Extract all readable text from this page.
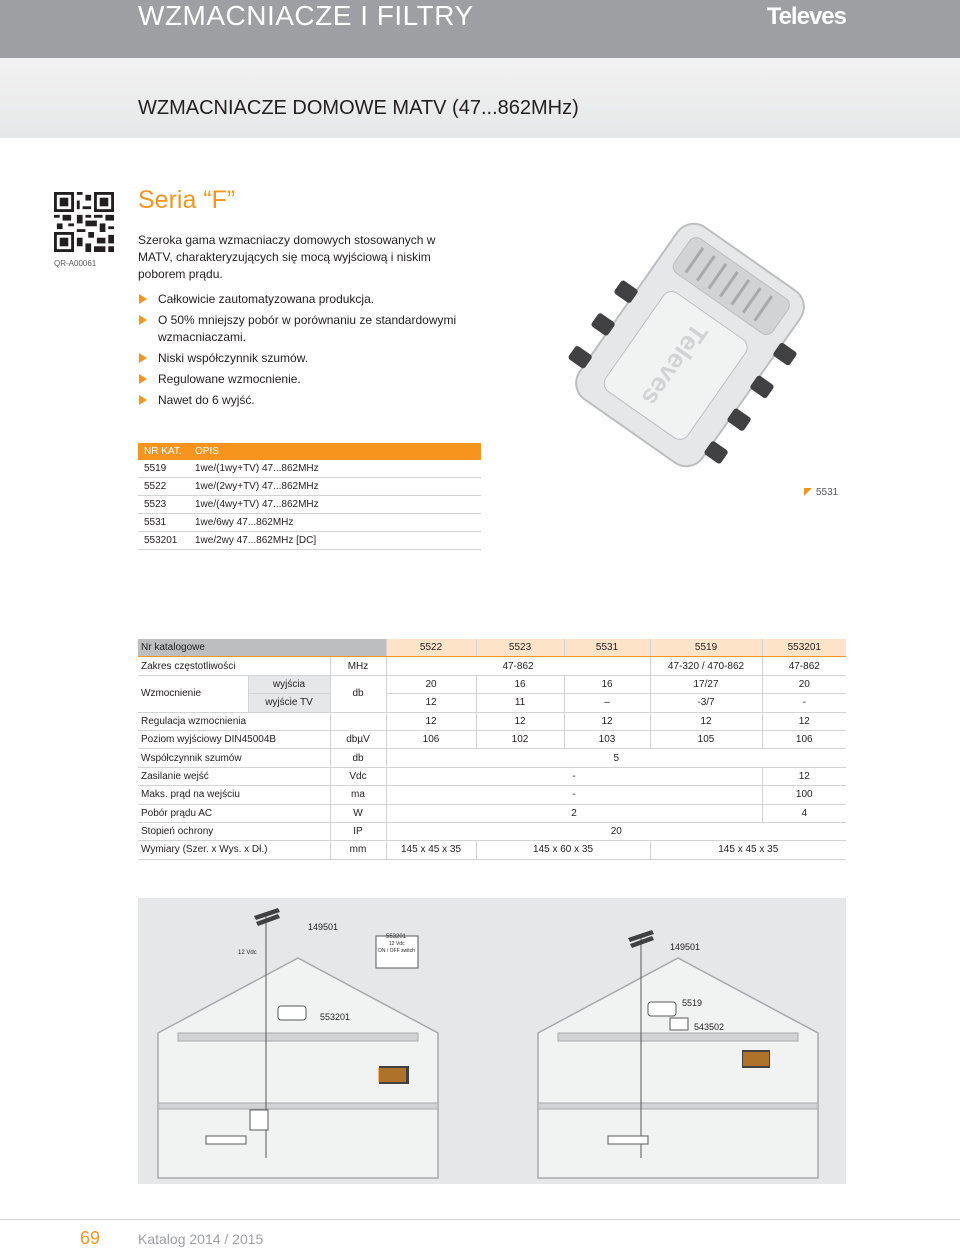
WZMACNIACZE I FILTRY	Televes
WZMACNIACZE DOMOWE MATV (47...862MHz)
QR-A00061
Seria “F”
Szeroka gama wzmacniaczy domowych stosowanych w MATV, charakteryzujących się mocą wyjściową i niskim poborem prądu.
Całkowicie zautomatyzowana produkcja.
O 50% mniejszy pobór w porównaniu ze standardowymi wzmacniaczami.
Niski współczynnik szumów.
Regulowane wzmocnienie.
Nawet do 6 wyjść.
NR KAT.	OPIS
5519	1we/(1wy+TV) 47...862MHz
5522	1we/(2wy+TV) 47...862MHz
5523	1we/(4wy+TV) 47...862MHz
5531	1we/6wy 47...862MHz
553201	1we/2wy 47...862MHz [DC]
Televes
5531
Nr katalogowe			5522	5523	5531	5519	553201
Zakres częstotliwości		MHz	47-862			47-320 / 470-862	47-862
Wzmocnienie	wyjścia	db	20	16	16	17/27	20
	wyjście TV		12	11	–	-3/7	-
Regulacja wzmocnienia			12	12	12	12	12
Poziom wyjściowy DIN45004B		dbµV	106	102	103	105	106
Współczynnik szumów		db	5				
Zasilanie wejść		Vdc	-				12
Maks. prąd na wejściu		ma	-				100
Pobór prądu AC		W	2				4
Stopień ochrony		IP	20				
Wymiary (Szer. x Wys. x Dł.)		mm	145 x 45 x 35	145 x 60 x 35		145 x 45 x 35	
149501
12 Vdc
553201
12 Vdc
ON / OFF switch
553201
149501
5519
543502
69	Katalog 2014 / 2015
